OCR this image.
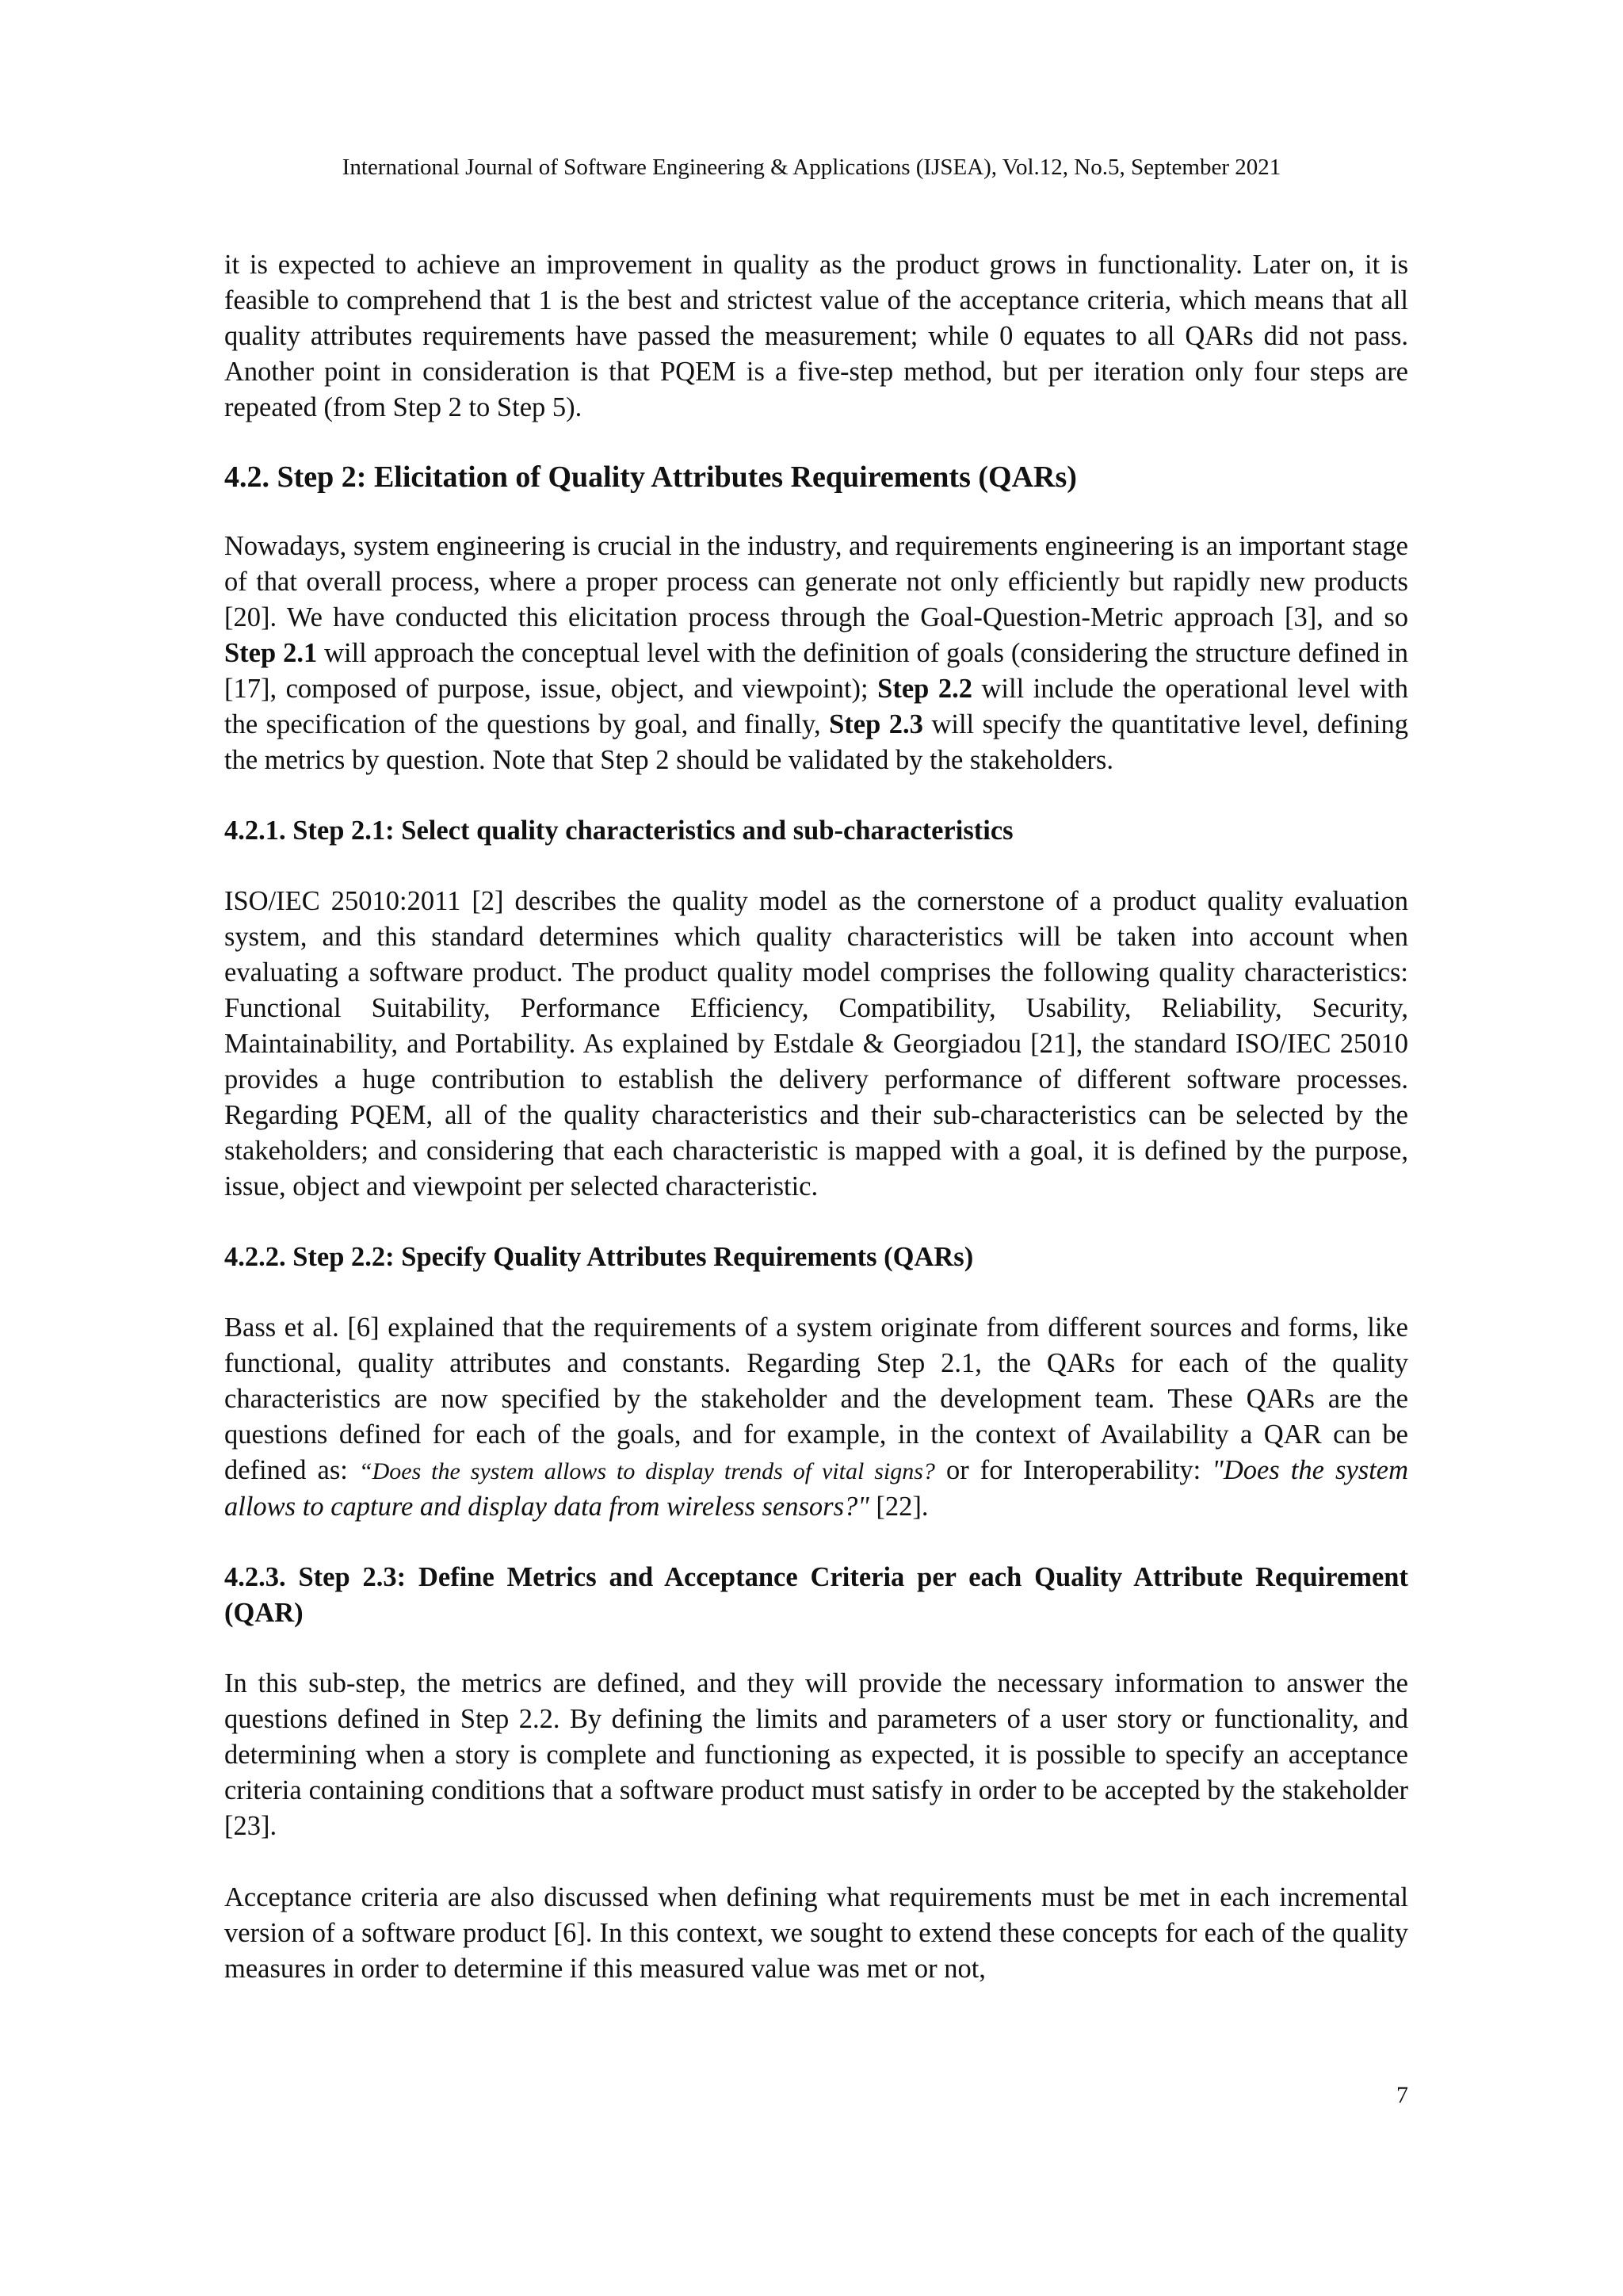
International Journal of Software Engineering & Applications (IJSEA), Vol.12, No.5, September 2021

it is expected to achieve an improvement in quality as the product grows in functionality. Later on, it is feasible to comprehend that 1 is the best and strictest value of the acceptance criteria, which means that all quality attributes requirements have passed the measurement; while 0 equates to all QARs did not pass. Another point in consideration is that PQEM is a five-step method, but per iteration only four steps are repeated (from Step 2 to Step 5).

4.2. Step 2: Elicitation of Quality Attributes Requirements (QARs)

Nowadays, system engineering is crucial in the industry, and requirements engineering is an important stage of that overall process, where a proper process can generate not only efficiently but rapidly new products [20]. We have conducted this elicitation process through the Goal-Question-Metric approach [3], and so Step 2.1 will approach the conceptual level with the definition of goals (considering the structure defined in [17], composed of purpose, issue, object, and viewpoint); Step 2.2 will include the operational level with the specification of the questions by goal, and finally, Step 2.3 will specify the quantitative level, defining the metrics by question. Note that Step 2 should be validated by the stakeholders.

4.2.1. Step 2.1: Select quality characteristics and sub-characteristics

ISO/IEC 25010:2011 [2] describes the quality model as the cornerstone of a product quality evaluation system, and this standard determines which quality characteristics will be taken into account when evaluating a software product. The product quality model comprises the following quality characteristics: Functional Suitability, Performance Efficiency, Compatibility, Usability, Reliability, Security, Maintainability, and Portability. As explained by Estdale & Georgiadou [21], the standard ISO/IEC 25010 provides a huge contribution to establish the delivery performance of different software processes. Regarding PQEM, all of the quality characteristics and their sub-characteristics can be selected by the stakeholders; and considering that each characteristic is mapped with a goal, it is defined by the purpose, issue, object and viewpoint per selected characteristic.

4.2.2. Step 2.2: Specify Quality Attributes Requirements (QARs)

Bass et al. [6] explained that the requirements of a system originate from different sources and forms, like functional, quality attributes and constants. Regarding Step 2.1, the QARs for each of the quality characteristics are now specified by the stakeholder and the development team. These QARs are the questions defined for each of the goals, and for example, in the context of Availability a QAR can be defined as: “Does the system allows to display trends of vital signs? or for Interoperability: "Does the system allows to capture and display data from wireless sensors?" [22].

4.2.3. Step 2.3: Define Metrics and Acceptance Criteria per each Quality Attribute Requirement (QAR)

In this sub-step, the metrics are defined, and they will provide the necessary information to answer the questions defined in Step 2.2. By defining the limits and parameters of a user story or functionality, and determining when a story is complete and functioning as expected, it is possible to specify an acceptance criteria containing conditions that a software product must satisfy in order to be accepted by the stakeholder [23].

Acceptance criteria are also discussed when defining what requirements must be met in each incremental version of a software product [6]. In this context, we sought to extend these concepts for each of the quality measures in order to determine if this measured value was met or not,

7
